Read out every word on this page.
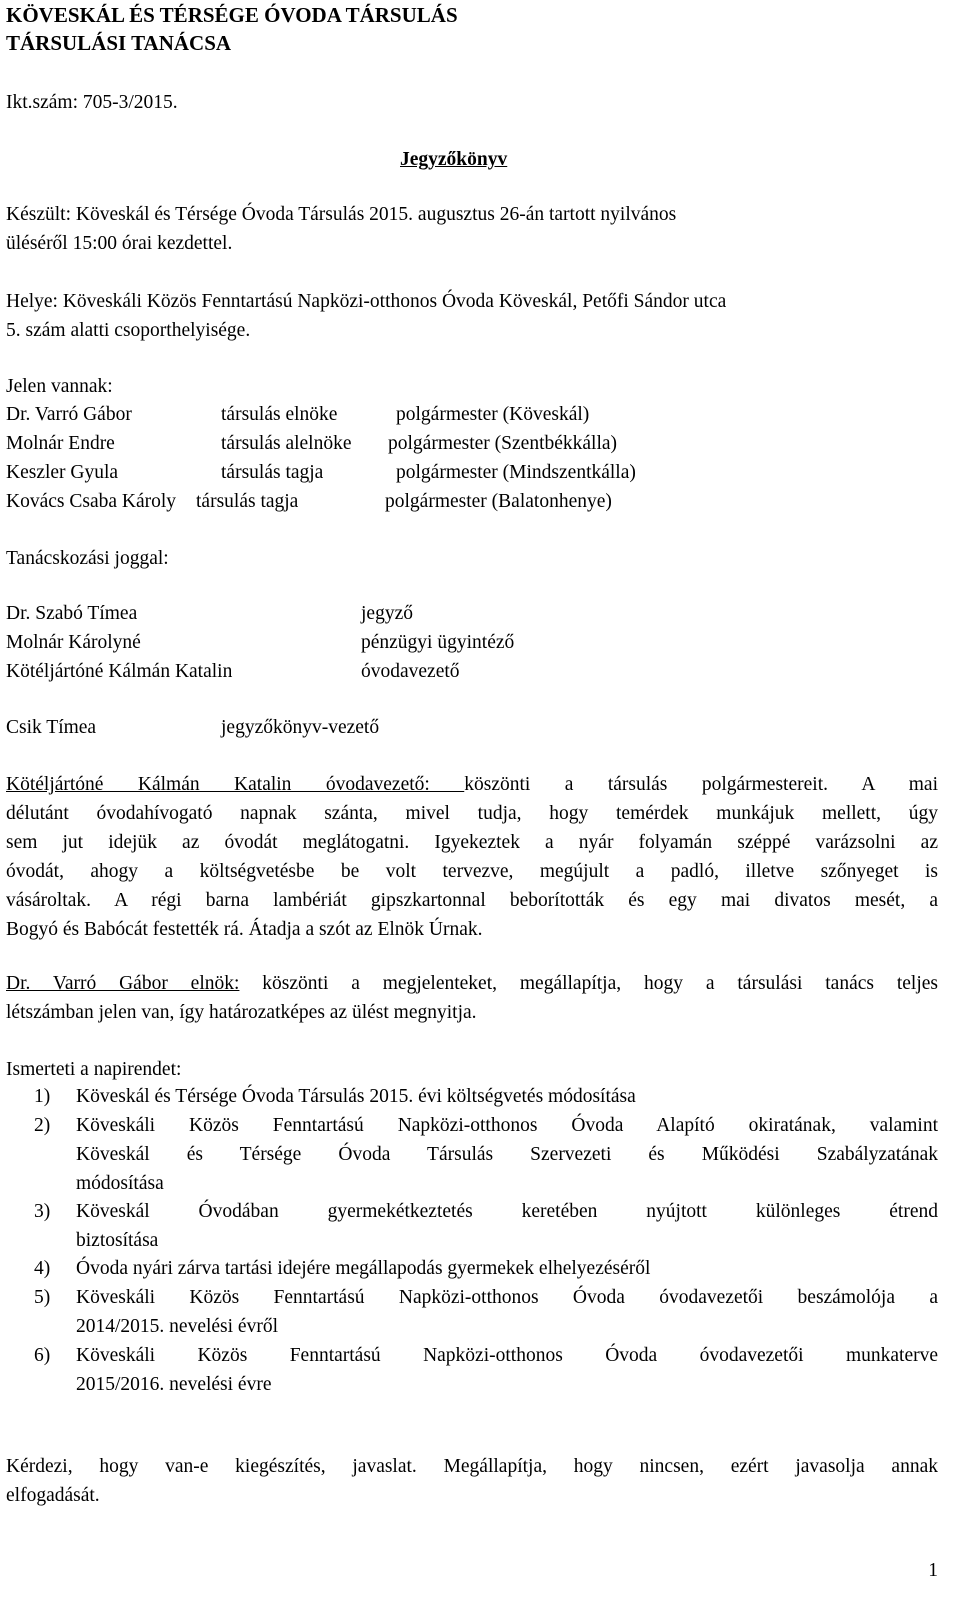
KÖVESKÁL ÉS TÉRSÉGE ÓVODA TÁRSULÁS
TÁRSULÁSI TANÁCSA
Ikt.szám: 705-3/2015.
Jegyzőkönyv
Készült: Köveskál és Térsége Óvoda Társulás 2015. augusztus 26-án tartott nyilvános
üléséről 15:00 órai kezdettel.
Helye: Köveskáli Közös Fenntartású Napközi-otthonos Óvoda Köveskál, Petőfi Sándor utca
5. szám alatti csoporthelyisége.
Jelen vannak:
Dr. Varró Gábor	társulás elnöke	polgármester (Köveskál)
Molnár Endre	társulás alelnöke polgármester (Szentbékkálla)
Keszler Gyula	társulás tagja	polgármester (Mindszentkálla)
Kovács Csaba Károly társulás tagja	polgármester (Balatonhenye)
Tanácskozási joggal:
Dr. Szabó Tímea	jegyző
Molnár Károlyné	pénzügyi ügyintéző
Kötéljártóné Kálmán Katalin	óvodavezető
Csik Tímea	jegyzőkönyv-vezető
Kötéljártóné Kálmán Katalin óvodavezető: köszönti a társulás polgármestereit. A mai
délutánt óvodahívogató napnak szánta, mivel tudja, hogy temérdek munkájuk mellett, úgy
sem jut idejük az óvodát meglátogatni. Igyekeztek a nyár folyamán széppé varázsolni az
óvodát, ahogy a költségvetésbe be volt tervezve, megújult a padló, illetve szőnyeget is
vásároltak. A régi barna lambériát gipszkartonnal beborították és egy mai divatos mesét, a
Bogyó és Babócát festették rá. Átadja a szót az Elnök Úrnak.
Dr. Varró Gábor elnök: köszönti a megjelenteket, megállapítja, hogy a társulási tanács teljes
létszámban jelen van, így határozatképes az ülést megnyitja.
Ismerteti a napirendet:
1) Köveskál és Térsége Óvoda Társulás 2015. évi költségvetés módosítása
2) Köveskáli Közös Fenntartású Napközi-otthonos Óvoda Alapító okiratának, valamint
Köveskál és Térsége Óvoda Társulás Szervezeti és Működési Szabályzatának
módosítása
3) Köveskál Óvodában gyermekétkeztetés keretében nyújtott különleges étrend
biztosítása
4) Óvoda nyári zárva tartási idejére megállapodás gyermekek elhelyezéséről
5) Köveskáli Közös Fenntartású Napközi-otthonos Óvoda óvodavezetői beszámolója a
2014/2015. nevelési évről
6) Köveskáli Közös Fenntartású Napközi-otthonos Óvoda óvodavezetői munkaterve
2015/2016. nevelési évre
Kérdezi, hogy van-e kiegészítés, javaslat. Megállapítja, hogy nincsen, ezért javasolja annak
elfogadását.
1
